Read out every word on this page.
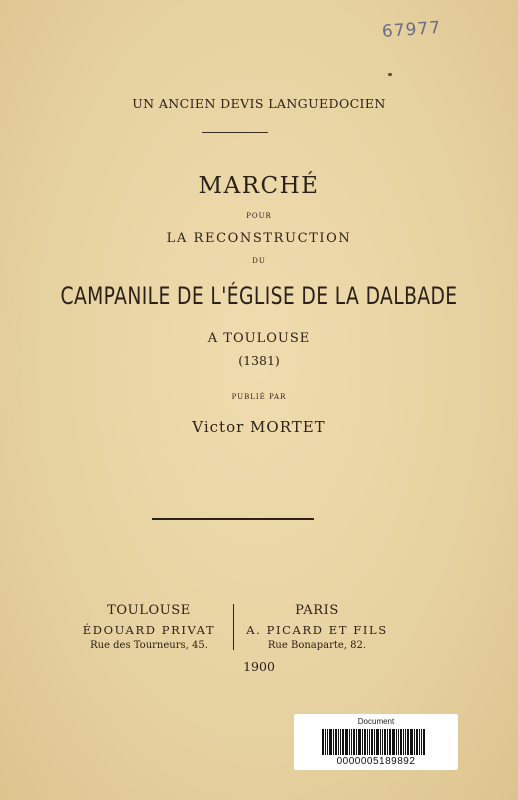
67977
UN ANCIEN DEVIS LANGUEDOCIEN
MARCHÉ
POUR
LA RECONSTRUCTION
DU
CAMPANILE DE L'ÉGLISE DE LA DALBADE
A TOULOUSE
(1381)
PUBLIÉ PAR
Victor MORTET
TOULOUSE
ÉDOUARD PRIVAT
Rue des Tourneurs, 45.
PARIS
A. PICARD ET FILS
Rue Bonaparte, 82.
1900
Document
0000005189892
